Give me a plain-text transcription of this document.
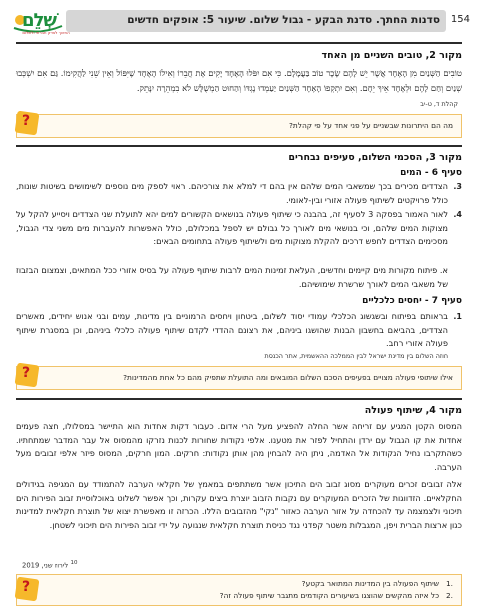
סדנות החתך. סדנת הבקע - גבול שלום. שיעור 5: אופקים חדשים 154
שְׁלֵם
החינוך לצדק חברתי ולשלום
מקור 2, טובים השניים מן האחד
טוֹבִים הַשְּׁנַיִם מִן הָאֶחָד אֲשֶׁר יֵשׁ לָהֶם שָׂכָר טוֹב בַּעֲמָלָם. כִּי אִם יִפֹּלוּ הָאֶחָד יָקִים אֶת חֲבֵרוֹ וְאִילוֹ הָאֶחָד שֶׁיִּפּוֹל וְאֵין שֵׁנִי לַהֲקִימוֹ. גַּם אִם יִשְׁכְּבוּ שְׁנַיִם וְחַם לָהֶם וּלְאֶחָד אֵיךְ יֵחָם. וְאִם יִתְקְפוֹ הָאֶחָד הַשְּׁנַיִם יַעַמְדוּ נֶגְדּוֹ וְהַחוּט הַמְשֻׁלָּשׁ לֹא בִמְהֵרָה יִנָּתֵק.
קהלת ד, ט-יב
מה הם היתרונות שבשניים על פני אחד על פי קהלת?
?
מקור 3, הסכמי השלום, סעיפים נבחרים
סעיף 6 - המים
.3
הצדדים מכירים בכך שמשאבי המים שלהם אין בהם די למלא את צורכיהם. ראוי לספק מים נוספים לשימושים בשיטות שונות, כולל פרויקטים לשיתוף פעולה אזורי ובין-לאומי.
.4
לאור האמור בפסקה 3 לסעיף זה, בהבנה כי שיתוף פעולה בנושאים הקשורים למים יהא לתועלת שני הצדדים ויסייע להקל על מצוקות המים שלהם, וכי בנושאי מים לאורך כל גבולם יש לספל במכלולם, כולל האפשרות להעברות מים משני צדי הגבול, מסכימים הצדדים לחפש דרכים להקלת מצוקות מים ולשיתוף פעולה בתחומים הבאים:
א. פיתוח מקורות מים קיימים וחדשים, העלאת זמינות המים לרבות שיתוף פעולה על בסיס אזורי ככל המתאים, וצמצום הבזבוז של משאבי המים לאורך שרשרת שימושיהם.
סעיף 7 - יחסים כלכליים
.1
בראותם בפיתוח ובשגשוג הכלכלי עמודי יסוד לשלום, ביטחון ויחסים הרמוניים בין מדינות, עמים ובני אנוש יחידים, מאשרים הצדדים, בהביאם בחשבון הבנות שהושגו ביניהם, את רצונם ההדדי לקדם שיתוף פעולה כלכלי ביניהם, וכן במסגרת שיתוף פעולה אזורי רחב.
חוזה השלום בין מדינת ישראל לבין הממלכה ההאשמית, אתר הכנסת
אילו שיתופי פעולה מצויים בפעיפים הסכם השלום המובאים ומה התועלת שתפיק מהם כל אחת מהמדינות?
?
מקור 4, שיתוף פעולה
המסוס הקטן המגיע עם זריחה אשר החלה להפציע מעל הרי אדום. כעבור דקות אחדות הוא התיישר במסלולו, חצה פעמים אחדות את קו הגבול עם ירדן והתחיל לפזר את מטענו. אלפי נקודות שחורות לכנות נזרקו מהמסוס אל עבר המדבר שמתחתיו. כשהתקרבו נחיל הנקודות אל האדמה, ניתן היה להבחין מהן אותן נקודות: חרקים. המון חרקים, המסוס פיזר אלפי זבובים מעל הערבה.
אלה זבובים זכרים מעוקרים מסוג זבוב הים התיכון אשר משתתפים במאמץ של חקלאי הערבה להתמודד עם המגיפה בגידולים החקלאיים. הזדווגות של הזכרים המעוקרים עם נקבות הזבוב יוצרת ביצים עקרות, וכך אפשר לשלוט באוכלוסיית זבוב הפירות הים תיכוני ולצמצמה עד להכחדה על אזור הערבה כאזור "נקי" מהזבובים הללו. הכרזה זו מאפשרת יצוא של תוצרת חקלאית למדינות כגון ארצות הברית ויפן, המגבלות משטר קפדני נגד כניסת תוצרת חקלאית שנגועה על ידי זבוב הפירות הים תיכוני לשטחן.
$^{10}$ לירוז שני, 2019
שיתוף הפעולה בין המדינות המתואר בקטע? .1
כל איזה מהקשים שהוצגו בשיעורים הקודמים מתגבר שיתוף פעולה זה? .2
?
